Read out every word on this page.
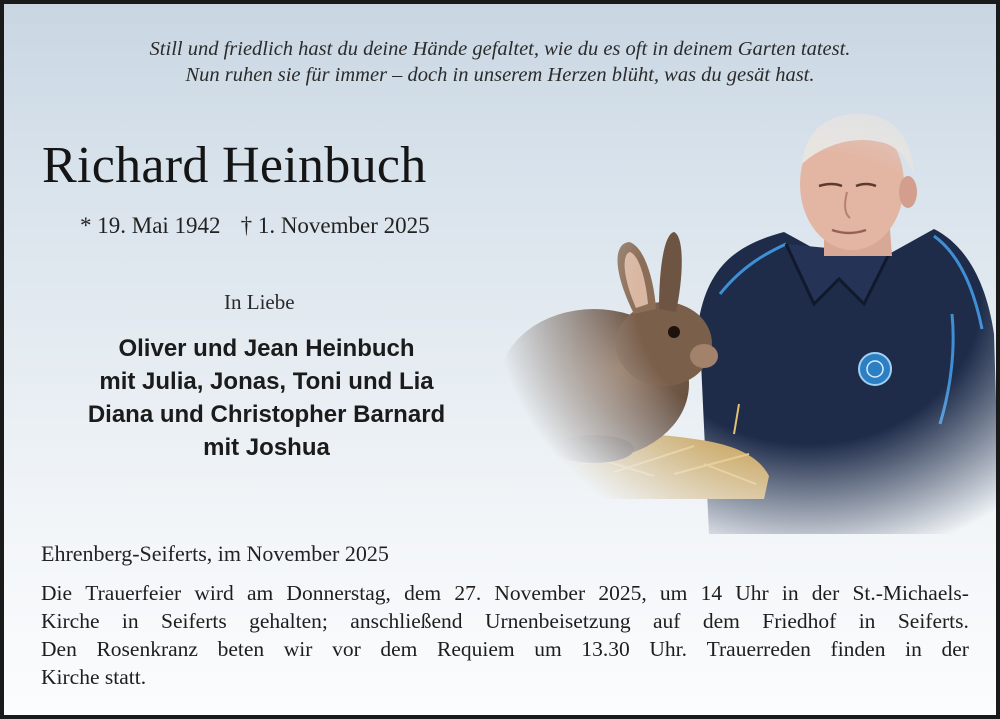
Still und friedlich hast du deine Hände gefaltet, wie du es oft in deinem Garten tatest.
Nun ruhen sie für immer – doch in unserem Herzen blüht, was du gesät hast.
Richard Heinbuch
* 19. Mai 1942 † 1. November 2025
In Liebe
Oliver und Jean Heinbuch
mit Julia, Jonas, Toni und Lia
Diana und Christopher Barnard
mit Joshua
Ehrenberg-Seiferts, im November 2025
Die Trauerfeier wird am Donnerstag, dem 27. November 2025, um 14 Uhr in der St.-Michaels-
Kirche in Seiferts gehalten; anschließend Urnenbeisetzung auf dem Friedhof in Seiferts.
Den Rosenkranz beten wir vor dem Requiem um 13.30 Uhr. Trauerreden finden in der
Kirche statt.
